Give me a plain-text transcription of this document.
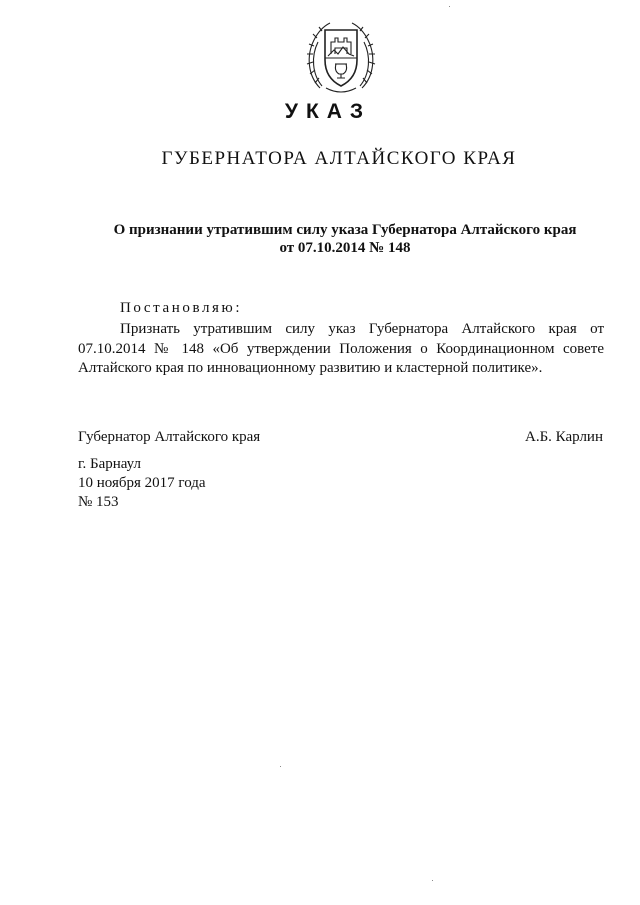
УКАЗ
ГУБЕРНАТОРА АЛТАЙСКОГО КРАЯ
О признании утратившим силу указа Губернатора Алтайского края
от 07.10.2014 № 148
Постановляю:
Признать утратившим силу указ Губернатора Алтайского края от 07.10.2014 № 148 «Об утверждении Положения о Координационном совете Алтайского края по инновационному развитию и кластерной политике».
Губернатор Алтайского края	А.Б. Карлин
г. Барнаул
10 ноября 2017 года
№ 153
